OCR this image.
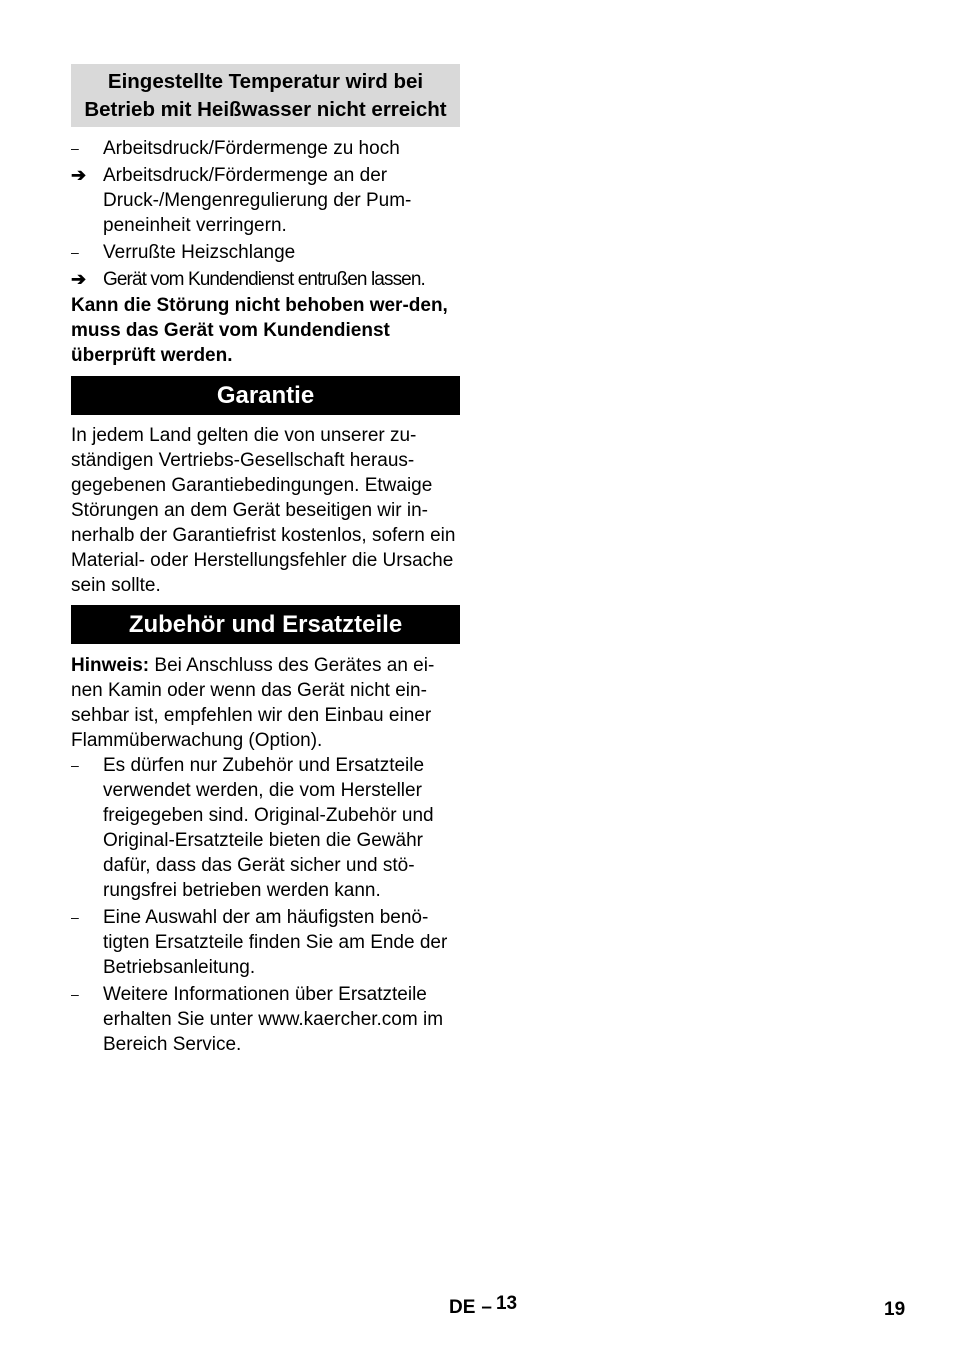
Eingestellte Temperatur wird bei Betrieb mit Heißwasser nicht erreicht
–	Arbeitsdruck/Fördermenge zu hoch
➔ Arbeitsdruck/Fördermenge an der Druck-/Mengenregulierung der Pum-peneinheit verringern.
–	Verrußte Heizschlange
➔ Gerät vom Kundendienst entrußen lassen.
Kann die Störung nicht behoben wer-den, muss das Gerät vom Kundendienst überprüft werden.
Garantie
In jedem Land gelten die von unserer zu-ständigen Vertriebs-Gesellschaft heraus-gegebenen Garantiebedingungen. Etwaige Störungen an dem Gerät beseitigen wir in-nerhalb der Garantiefrist kostenlos, sofern ein Material- oder Herstellungsfehler die Ursache sein sollte.
Zubehör und Ersatzteile
Hinweis: Bei Anschluss des Gerätes an ei-nen Kamin oder wenn das Gerät nicht ein-sehbar ist, empfehlen wir den Einbau einer Flammüberwachung (Option).
–	Es dürfen nur Zubehör und Ersatzteile verwendet werden, die vom Hersteller freigegeben sind. Original-Zubehör und Original-Ersatzteile bieten die Gewähr dafür, dass das Gerät sicher und stö-rungsfrei betrieben werden kann.
–	Eine Auswahl der am häufigsten benö-tigten Ersatzteile finden Sie am Ende der Betriebsanleitung.
–	Weitere Informationen über Ersatzteile erhalten Sie unter www.kaercher.com im Bereich Service.
DE – 13	19
